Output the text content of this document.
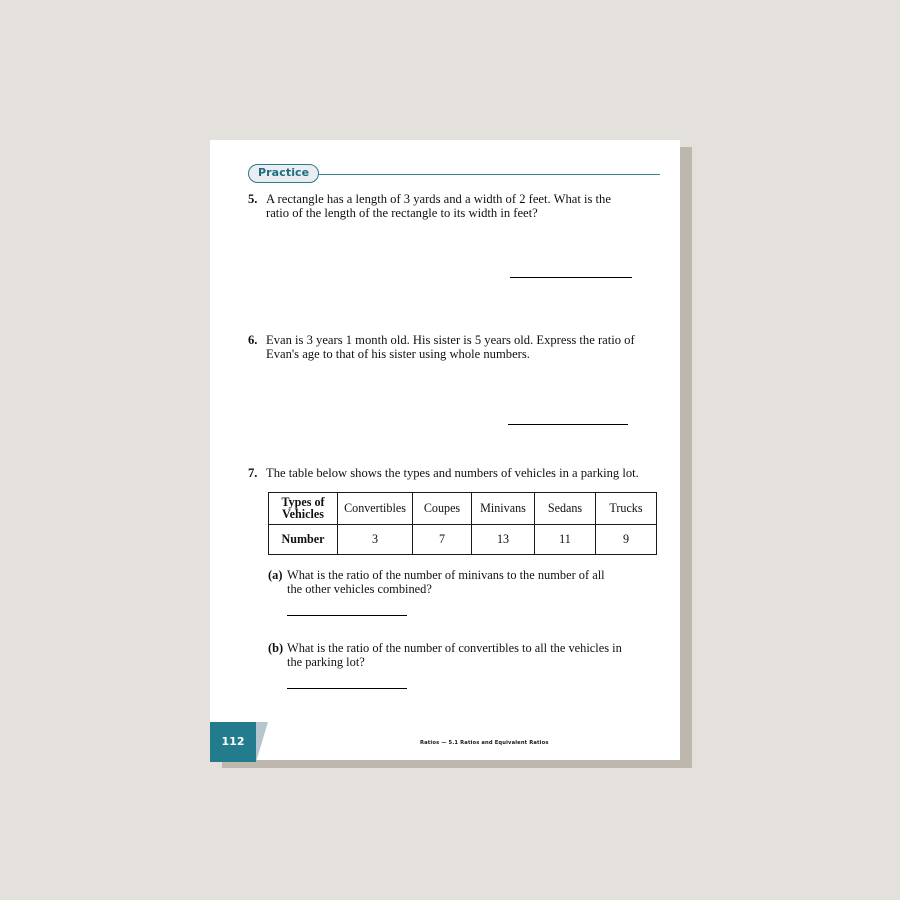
Practice
5. A rectangle has a length of 3 yards and a width of 2 feet. What is the ratio of the length of the rectangle to its width in feet?
6. Evan is 3 years 1 month old. His sister is 5 years old. Express the ratio of Evan's age to that of his sister using whole numbers.
7. The table below shows the types and numbers of vehicles in a parking lot.
Types of
Vehicles	Convertibles	Coupes	Minivans	Sedans	Trucks
Number	3	7	13	11	9
(a) What is the ratio of the number of minivans to the number of all the other vehicles combined?
(b) What is the ratio of the number of convertibles to all the vehicles in the parking lot?
112	Ratios — 5.1 Ratios and Equivalent Ratios
